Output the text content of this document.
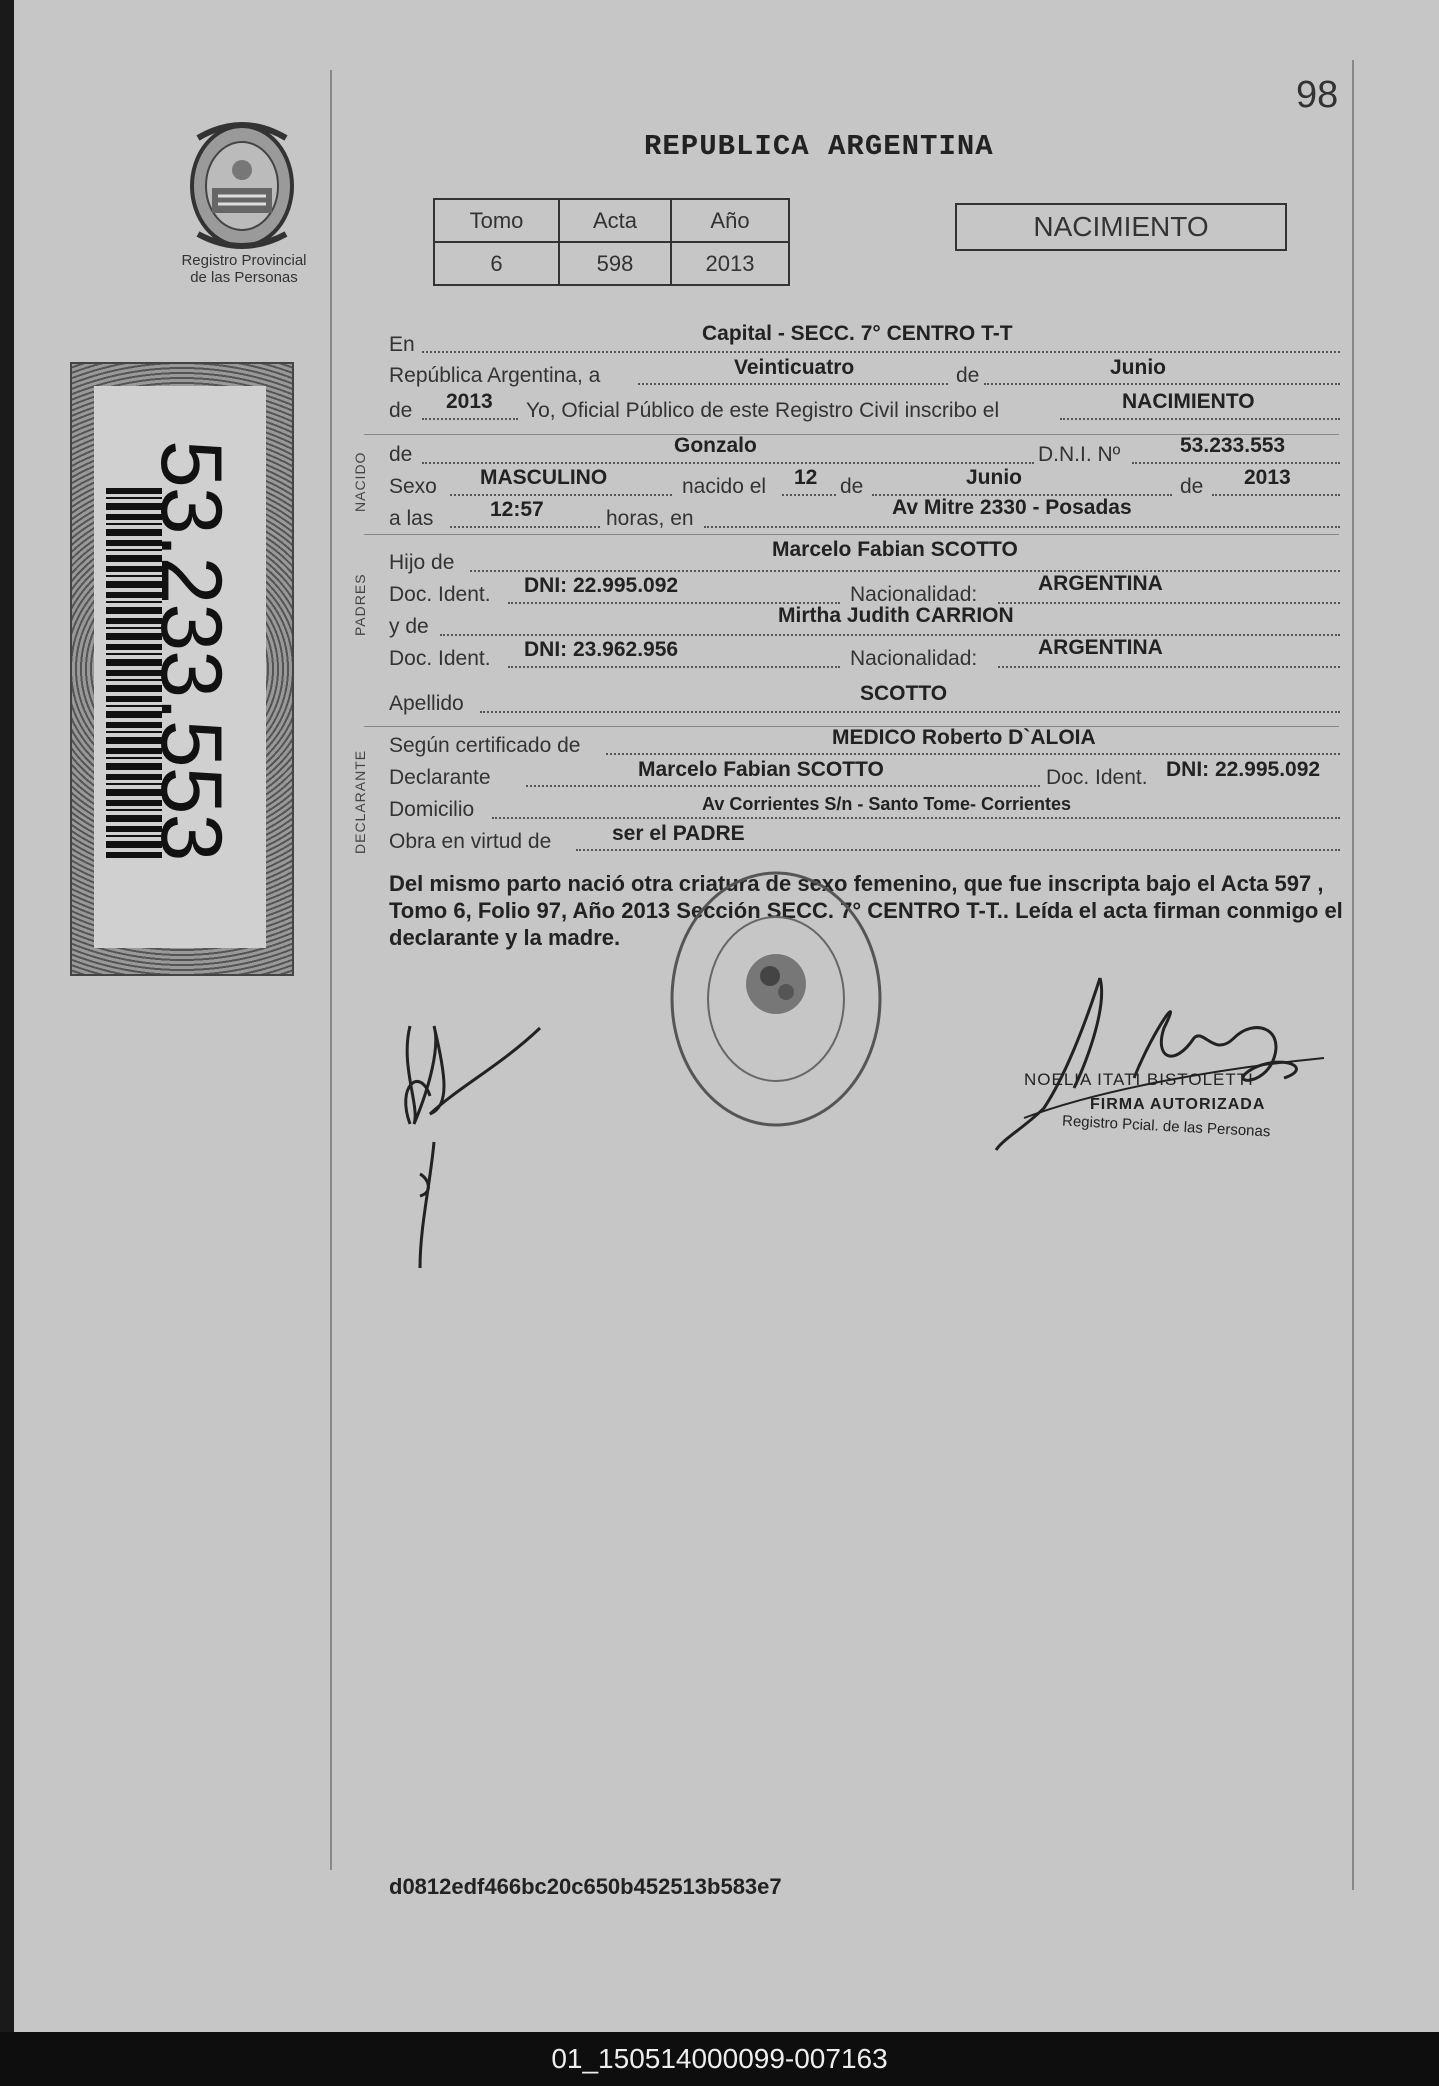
98
Registro Provincial
de las Personas
53.233.553
REPUBLICA ARGENTINA
Tomo	Acta	Año
6	598	2013
NACIMIENTO
NACIDO
PADRES
DECLARANTE
En	Capital - SECC. 7° CENTRO T-T
República Argentina, a	Veinticuatro	de	Junio
de 2013 Yo, Oficial Público de este Registro Civil inscribo el	NACIMIENTO
de	Gonzalo	D.N.I. Nº	53.233.553
Sexo MASCULINO	nacido el 12 de	Junio	de 2013
a las	12:57	horas, en	Av Mitre 2330 - Posadas
Hijo de
Marcelo Fabian SCOTTO
Doc. Ident. DNI: 22.995.092	Nacionalidad:	ARGENTINA
y de	Mirtha Judith CARRION
Doc. Ident. DNI: 23.962.956	Nacionalidad:	ARGENTINA
Apellido	SCOTTO
Según certificado de	MEDICO Roberto D`ALOIA
Declarante	Marcelo Fabian SCOTTO	Doc. Ident. DNI: 22.995.092
Domicilio	Av Corrientes S/n - Santo Tome- Corrientes
Obra en virtud de	ser el PADRE
Del mismo parto nació otra criatura de sexo femenino, que fue inscripta bajo el Acta 597 , Tomo 6, Folio 97, Año 2013 Sección SECC. 7° CENTRO T-T.. Leída el acta firman conmigo el declarante y la madre.
NOELIA ITATI BISTOLETTI
FIRMA AUTORIZADA
Registro Pcial. de las Personas
d0812edf466bc20c650b452513b583e7
01_150514000099-007163
